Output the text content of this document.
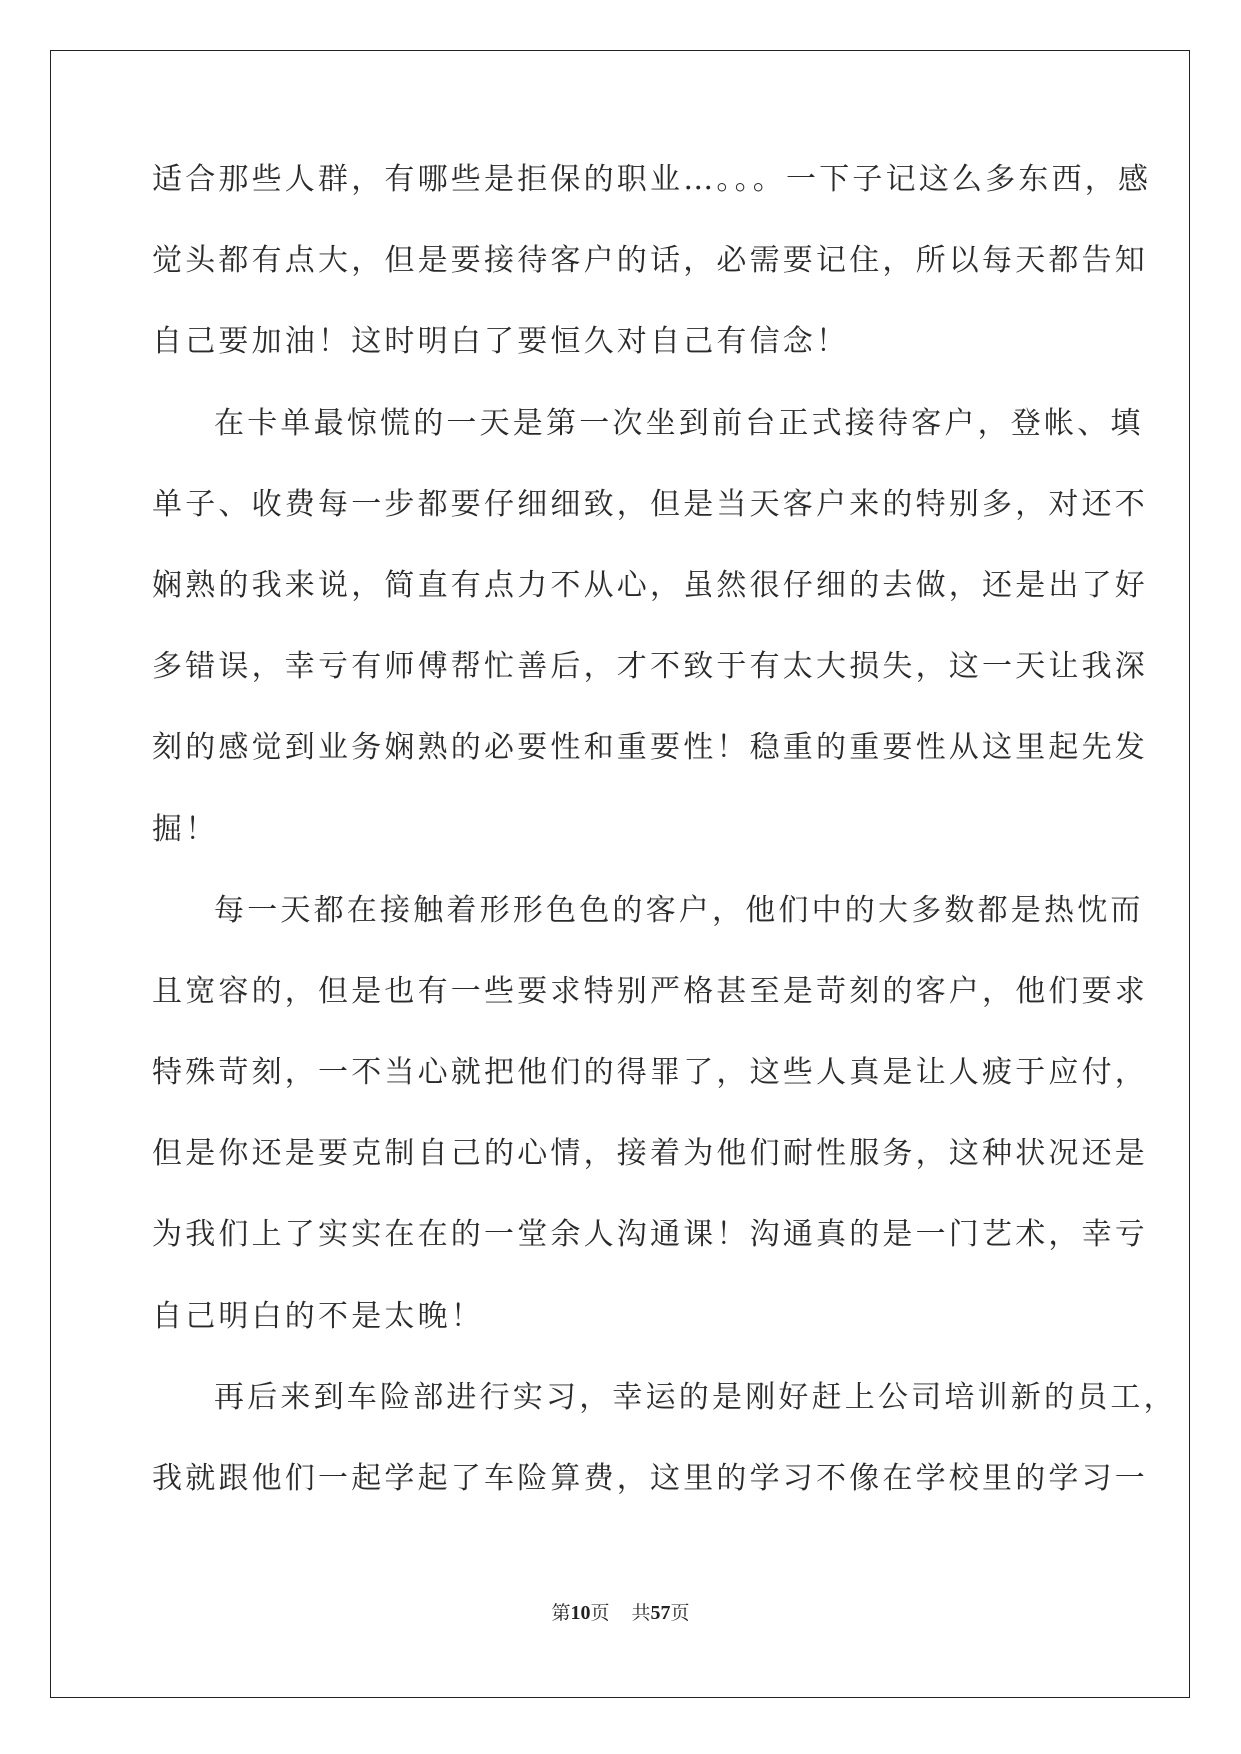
适合那些人群，有哪些是拒保的职业…。。。一下子记这么多东西，感
觉头都有点大，但是要接待客户的话，必需要记住，所以每天都告知
自己要加油！这时明白了要恒久对自己有信念！
在卡单最惊慌的一天是第一次坐到前台正式接待客户，登帐、填
单子、收费每一步都要仔细细致，但是当天客户来的特别多，对还不
娴熟的我来说，简直有点力不从心，虽然很仔细的去做，还是出了好
多错误，幸亏有师傅帮忙善后，才不致于有太大损失，这一天让我深
刻的感觉到业务娴熟的必要性和重要性！稳重的重要性从这里起先发
掘！
每一天都在接触着形形色色的客户，他们中的大多数都是热忱而
且宽容的，但是也有一些要求特别严格甚至是苛刻的客户，他们要求
特殊苛刻，一不当心就把他们的得罪了，这些人真是让人疲于应付，
但是你还是要克制自己的心情，接着为他们耐性服务，这种状况还是
为我们上了实实在在的一堂余人沟通课！沟通真的是一门艺术，幸亏
自己明白的不是太晚！
再后来到车险部进行实习，幸运的是刚好赶上公司培训新的员工，
我就跟他们一起学起了车险算费，这里的学习不像在学校里的学习一
第10页 共57页
